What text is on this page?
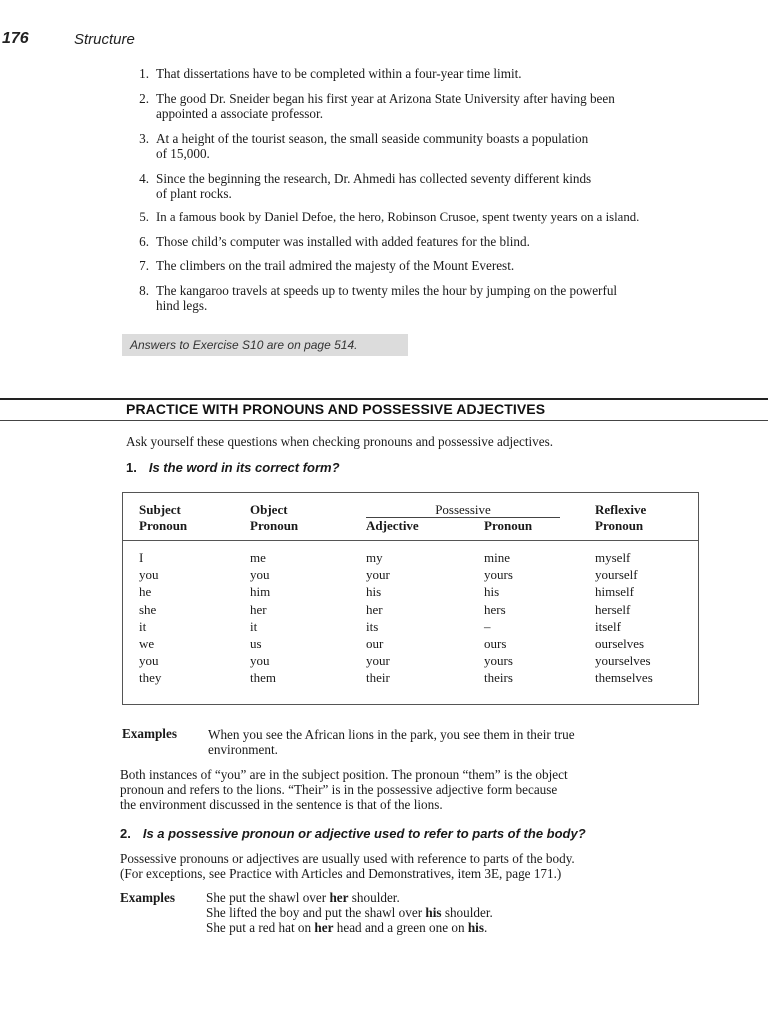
176	Structure
1. That dissertations have to be completed within a four-year time limit.
2. The good Dr. Sneider began his first year at Arizona State University after having been
appointed a associate professor.
3. At a height of the tourist season, the small seaside community boasts a population
of 15,000.
4. Since the beginning the research, Dr. Ahmedi has collected seventy different kinds
of plant rocks.
5. In a famous book by Daniel Defoe, the hero, Robinson Crusoe, spent twenty years on a island.
6. Those child’s computer was installed with added features for the blind.
7. The climbers on the trail admired the majesty of the Mount Everest.
8. The kangaroo travels at speeds up to twenty miles the hour by jumping on the powerful
hind legs.
Answers to Exercise S10 are on page 514.
PRACTICE WITH PRONOUNS AND POSSESSIVE ADJECTIVES
Ask yourself these questions when checking pronouns and possessive adjectives.
1. Is the word in its correct form?
Subject
Pronoun
Object
Pronoun
Possessive
Adjective	Pronoun
Reflexive
Pronoun
I
you
he
she
it
we
you
they
me
you
him
her
it
us
you
them
my
your
his
her
its
our
your
their
mine
yours
his
hers
–
ours
yours
theirs
myself
yourself
himself
herself
itself
ourselves
yourselves
themselves
Examples When you see the African lions in the park, you see them in their true
environment.
Both instances of “you” are in the subject position. The pronoun “them” is the object
pronoun and refers to the lions. “Their” is in the possessive adjective form because
the environment discussed in the sentence is that of the lions.
2. Is a possessive pronoun or adjective used to refer to parts of the body?
Possessive pronouns or adjectives are usually used with reference to parts of the body.
(For exceptions, see Practice with Articles and Demonstratives, item 3E, page 171.)
Examples She put the shawl over her shoulder.
She lifted the boy and put the shawl over his shoulder.
She put a red hat on her head and a green one on his.
